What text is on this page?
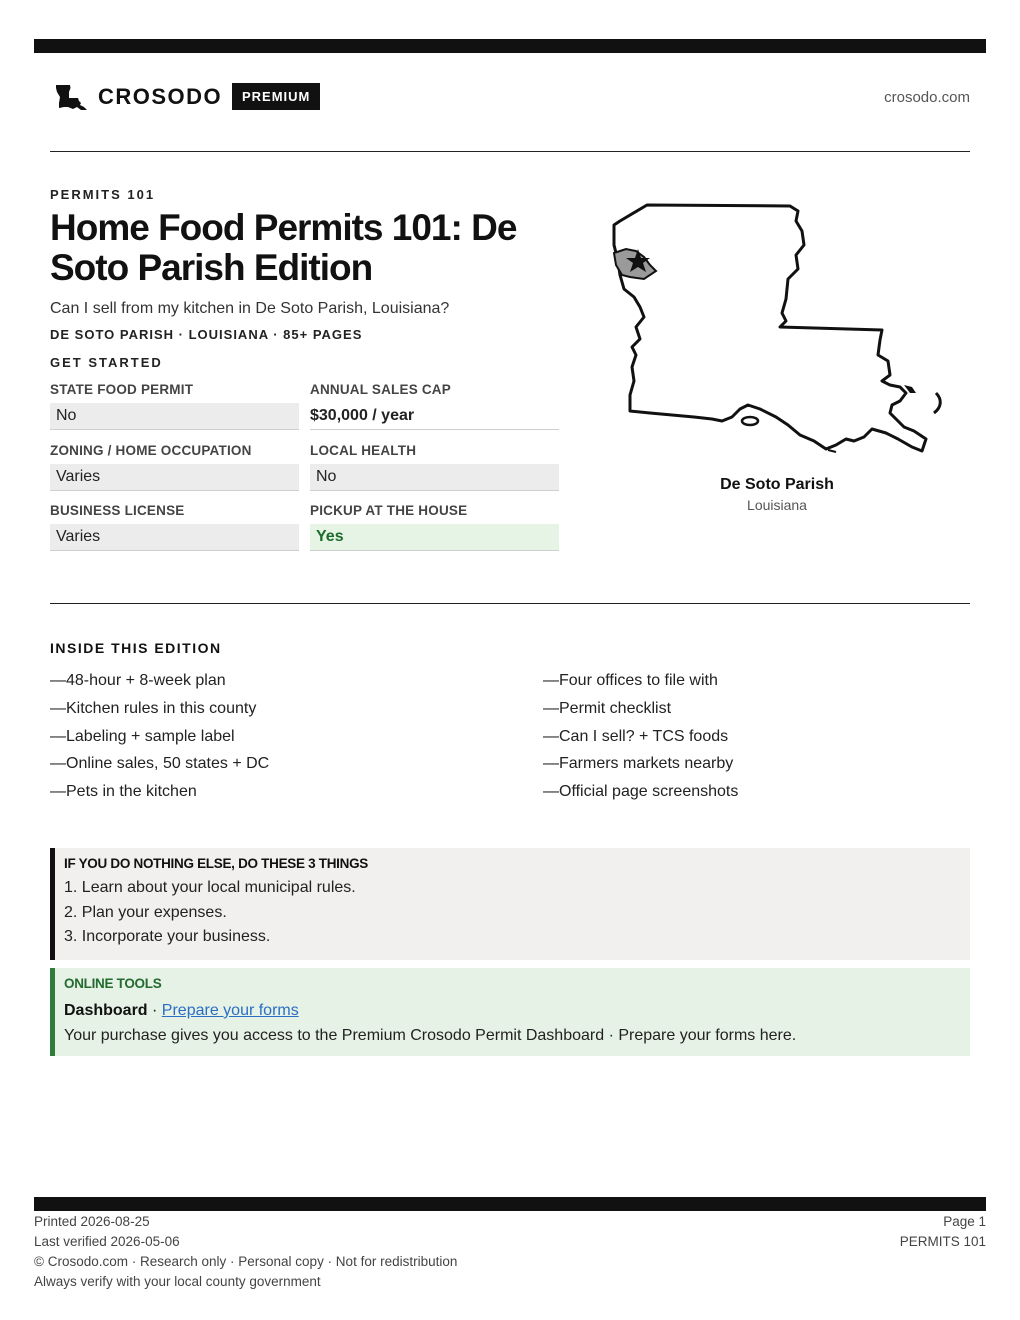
CROSODO	PREMIUM	crosodo.com
PERMITS 101
Home Food Permits 101: De Soto Parish Edition
Can I sell from my kitchen in De Soto Parish, Louisiana?
DE SOTO PARISH · LOUISIANA · 85+ PAGES
GET STARTED
STATE FOOD PERMIT
No
ANNUAL SALES CAP
$30,000 / year
ZONING / HOME OCCUPATION
Varies
LOCAL HEALTH
No
BUSINESS LICENSE
Varies
PICKUP AT THE HOUSE
Yes
De Soto Parish
Louisiana
INSIDE THIS EDITION
—48-hour + 8-week plan
—Kitchen rules in this county
—Labeling + sample label
—Online sales, 50 states + DC
—Pets in the kitchen
—Four offices to file with
—Permit checklist
—Can I sell? + TCS foods
—Farmers markets nearby
—Official page screenshots
IF YOU DO NOTHING ELSE, DO THESE 3 THINGS
1. Learn about your local municipal rules.
2. Plan your expenses.
3. Incorporate your business.
ONLINE TOOLS
Dashboard · Prepare your forms
Your purchase gives you access to the Premium Crosodo Permit Dashboard · Prepare your forms here.
Printed 2026-08-25
Last verified 2026-05-06
© Crosodo.com · Research only · Personal copy · Not for redistribution
Always verify with your local county government
Page 1
PERMITS 101
